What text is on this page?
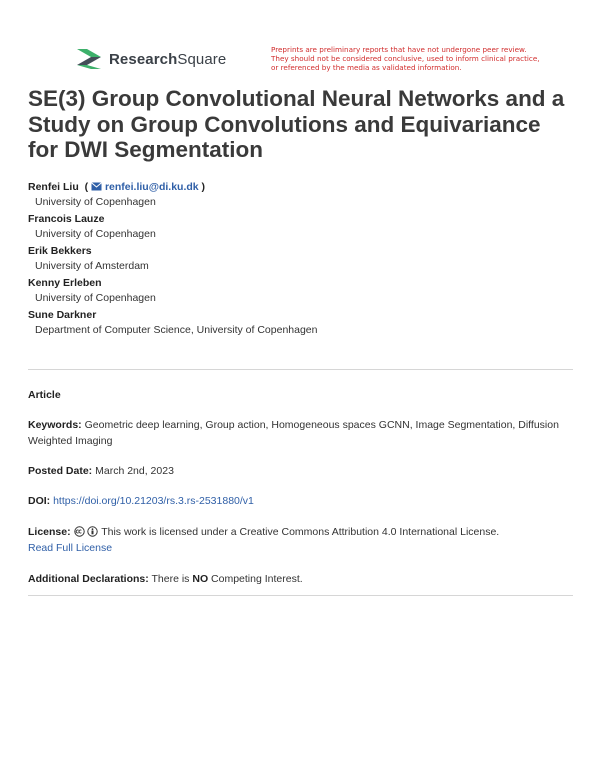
ResearchSquare
Preprints are preliminary reports that have not undergone peer review.
They should not be considered conclusive, used to inform clinical practice,
or referenced by the media as validated information.
SE(3) Group Convolutional Neural Networks and a Study on Group Convolutions and Equivariance for DWI Segmentation
Renfei Liu  (  renfei.liu@di.ku.dk )
University of Copenhagen
Francois Lauze
University of Copenhagen
Erik Bekkers
University of Amsterdam
Kenny Erleben
University of Copenhagen
Sune Darkner
Department of Computer Science, University of Copenhagen
Article
Keywords: Geometric deep learning, Group action, Homogeneous spaces GCNN, Image Segmentation, Diffusion Weighted Imaging
Posted Date: March 2nd, 2023
DOI: https://doi.org/10.21203/rs.3.rs-2531880/v1
License:	This work is licensed under a Creative Commons Attribution 4.0 International License.
Read Full License
Additional Declarations: There is NO Competing Interest.
